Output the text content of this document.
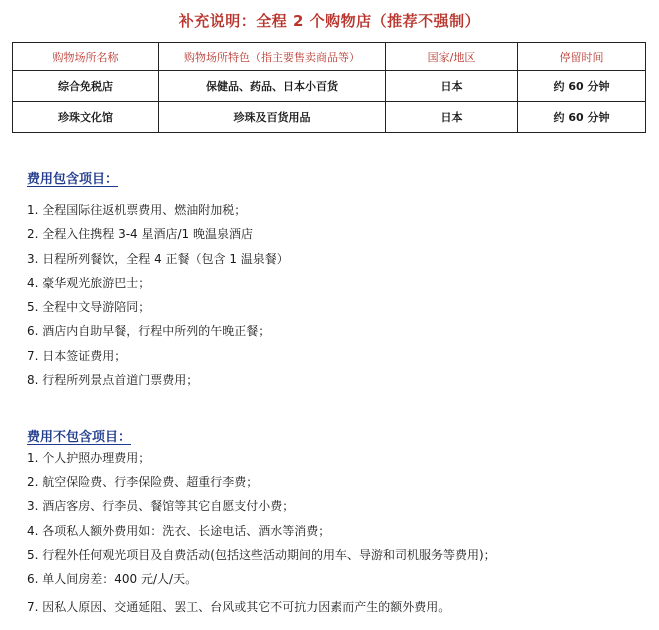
补充说明：全程 2 个购物店（推荐不强制）
购物场所名称	购物场所特色（指主要售卖商品等）	国家/地区	停留时间
综合免税店	保健品、药品、日本小百货	日本	约 60 分钟
珍珠文化馆	珍珠及百货用品	日本	约 60 分钟
费用包含项目：
1. 全程国际往返机票费用、燃油附加税；
2. 全程入住携程 3-4 星酒店/1 晚温泉酒店
3. 日程所列餐饮，全程 4 正餐（包含 1 温泉餐）
4. 豪华观光旅游巴士；
5. 全程中文导游陪同；
6. 酒店内自助早餐，行程中所列的午晚正餐；
7. 日本签证费用；
8. 行程所列景点首道门票费用；
费用不包含项目：
1. 个人护照办理费用；
2. 航空保险费、行李保险费、超重行李费；
3. 酒店客房、行李员、餐馆等其它自愿支付小费；
4. 各项私人额外费用如：洗衣、长途电话、酒水等消费；
5. 行程外任何观光项目及自费活动(包括这些活动期间的用车、导游和司机服务等费用)；
6. 单人间房差：400 元/人/天。
7. 因私人原因、交通延阻、罢工、台风或其它不可抗力因素而产生的额外费用。
